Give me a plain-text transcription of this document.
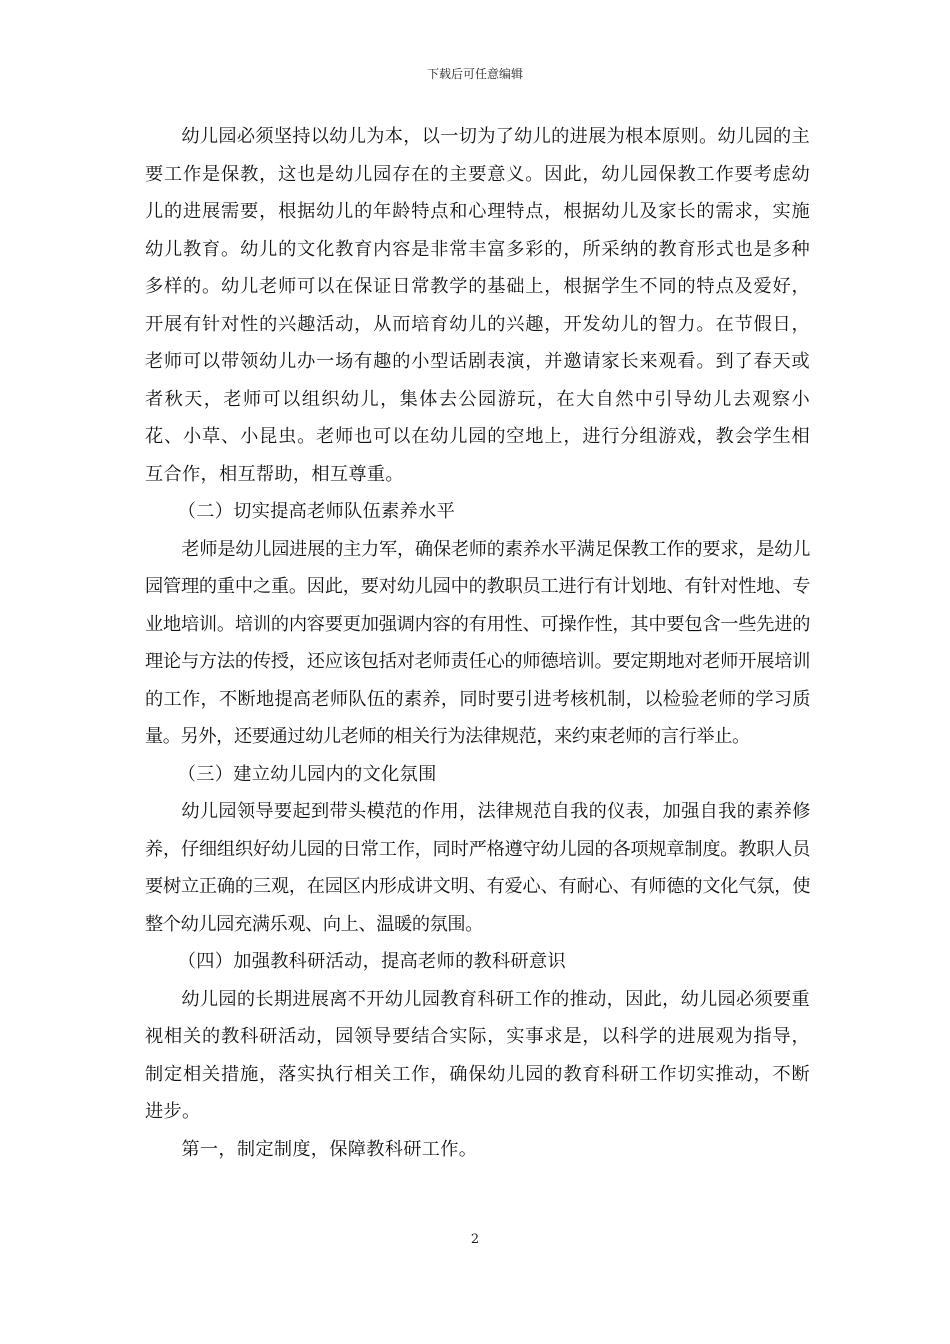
下载后可任意编辑

幼儿园必须坚持以幼儿为本，以一切为了幼儿的进展为根本原则。幼儿园的主要工作是保教，这也是幼儿园存在的主要意义。因此，幼儿园保教工作要考虑幼儿的进展需要，根据幼儿的年龄特点和心理特点，根据幼儿及家长的需求，实施幼儿教育。幼儿的文化教育内容是非常丰富多彩的，所采纳的教育形式也是多种多样的。幼儿老师可以在保证日常教学的基础上，根据学生不同的特点及爱好，开展有针对性的兴趣活动，从而培育幼儿的兴趣，开发幼儿的智力。在节假日，老师可以带领幼儿办一场有趣的小型话剧表演，并邀请家长来观看。到了春天或者秋天，老师可以组织幼儿，集体去公园游玩，在大自然中引导幼儿去观察小花、小草、小昆虫。老师也可以在幼儿园的空地上，进行分组游戏，教会学生相互合作，相互帮助，相互尊重。

（二）切实提高老师队伍素养水平

老师是幼儿园进展的主力军，确保老师的素养水平满足保教工作的要求，是幼儿园管理的重中之重。因此，要对幼儿园中的教职员工进行有计划地、有针对性地、专业地培训。培训的内容要更加强调内容的有用性、可操作性，其中要包含一些先进的理论与方法的传授，还应该包括对老师责任心的师德培训。要定期地对老师开展培训的工作，不断地提高老师队伍的素养，同时要引进考核机制，以检验老师的学习质量。另外，还要通过幼儿老师的相关行为法律规范，来约束老师的言行举止。

（三）建立幼儿园内的文化氛围

幼儿园领导要起到带头模范的作用，法律规范自我的仪表，加强自我的素养修养，仔细组织好幼儿园的日常工作，同时严格遵守幼儿园的各项规章制度。教职人员要树立正确的三观，在园区内形成讲文明、有爱心、有耐心、有师德的文化气氛，使整个幼儿园充满乐观、向上、温暖的氛围。

（四）加强教科研活动，提高老师的教科研意识

幼儿园的长期进展离不开幼儿园教育科研工作的推动，因此，幼儿园必须要重视相关的教科研活动，园领导要结合实际，实事求是，以科学的进展观为指导，制定相关措施，落实执行相关工作，确保幼儿园的教育科研工作切实推动，不断进步。

第一，制定制度，保障教科研工作。

2
